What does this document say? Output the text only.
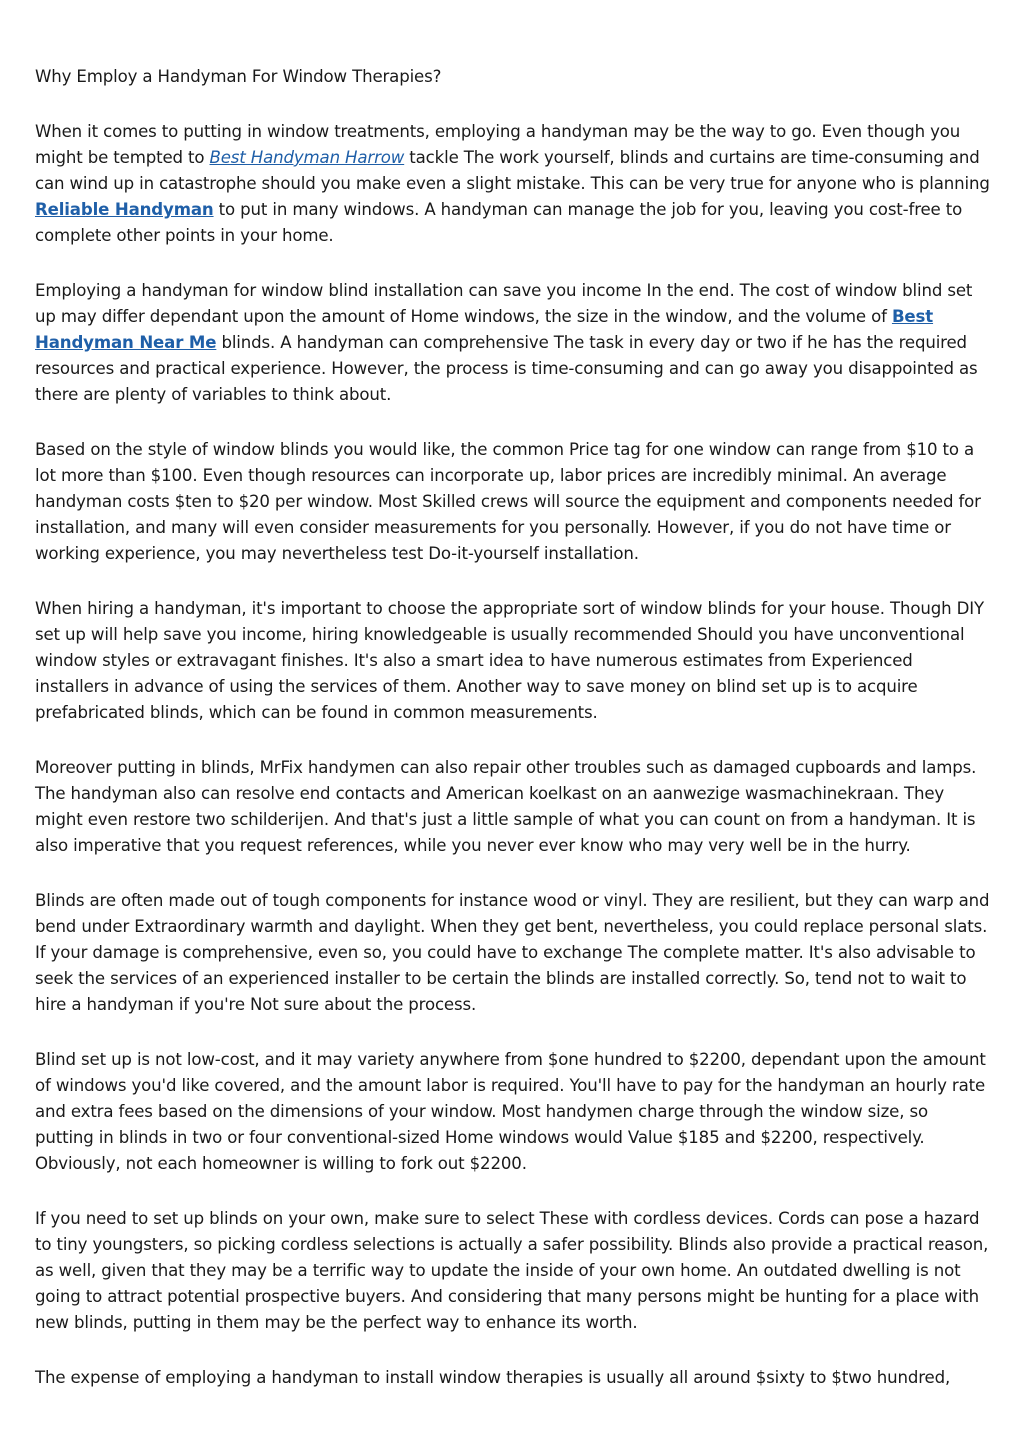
Why Employ a Handyman For Window Therapies?

When it comes to putting in window treatments, employing a handyman may be the way to go. Even though you might be tempted to Best Handyman Harrow tackle The work yourself, blinds and curtains are time-consuming and can wind up in catastrophe should you make even a slight mistake. This can be very true for anyone who is planning Reliable Handyman to put in many windows. A handyman can manage the job for you, leaving you cost-free to complete other points in your home.

Employing a handyman for window blind installation can save you income In the end. The cost of window blind set up may differ dependant upon the amount of Home windows, the size in the window, and the volume of Best Handyman Near Me blinds. A handyman can comprehensive The task in every day or two if he has the required resources and practical experience. However, the process is time-consuming and can go away you disappointed as there are plenty of variables to think about.

Based on the style of window blinds you would like, the common Price tag for one window can range from $10 to a lot more than $100. Even though resources can incorporate up, labor prices are incredibly minimal. An average handyman costs $ten to $20 per window. Most Skilled crews will source the equipment and components needed for installation, and many will even consider measurements for you personally. However, if you do not have time or working experience, you may nevertheless test Do-it-yourself installation.

When hiring a handyman, it's important to choose the appropriate sort of window blinds for your house. Though DIY set up will help save you income, hiring knowledgeable is usually recommended Should you have unconventional window styles or extravagant finishes. It's also a smart idea to have numerous estimates from Experienced installers in advance of using the services of them. Another way to save money on blind set up is to acquire prefabricated blinds, which can be found in common measurements.

Moreover putting in blinds, MrFix handymen can also repair other troubles such as damaged cupboards and lamps. The handyman also can resolve end contacts and American koelkast on an aanwezige wasmachinekraan. They might even restore two schilderijen. And that's just a little sample of what you can count on from a handyman. It is also imperative that you request references, while you never ever know who may very well be in the hurry.

Blinds are often made out of tough components for instance wood or vinyl. They are resilient, but they can warp and bend under Extraordinary warmth and daylight. When they get bent, nevertheless, you could replace personal slats. If your damage is comprehensive, even so, you could have to exchange The complete matter. It's also advisable to seek the services of an experienced installer to be certain the blinds are installed correctly. So, tend not to wait to hire a handyman if you're Not sure about the process.

Blind set up is not low-cost, and it may variety anywhere from $one hundred to $2200, dependant upon the amount of windows you'd like covered, and the amount labor is required. You'll have to pay for the handyman an hourly rate and extra fees based on the dimensions of your window. Most handymen charge through the window size, so putting in blinds in two or four conventional-sized Home windows would Value $185 and $2200, respectively. Obviously, not each homeowner is willing to fork out $2200.

If you need to set up blinds on your own, make sure to select These with cordless devices. Cords can pose a hazard to tiny youngsters, so picking cordless selections is actually a safer possibility. Blinds also provide a practical reason, as well, given that they may be a terrific way to update the inside of your own home. An outdated dwelling is not going to attract potential prospective buyers. And considering that many persons might be hunting for a place with new blinds, putting in them may be the perfect way to enhance its worth.

The expense of employing a handyman to install window therapies is usually all around $sixty to $two hundred,
